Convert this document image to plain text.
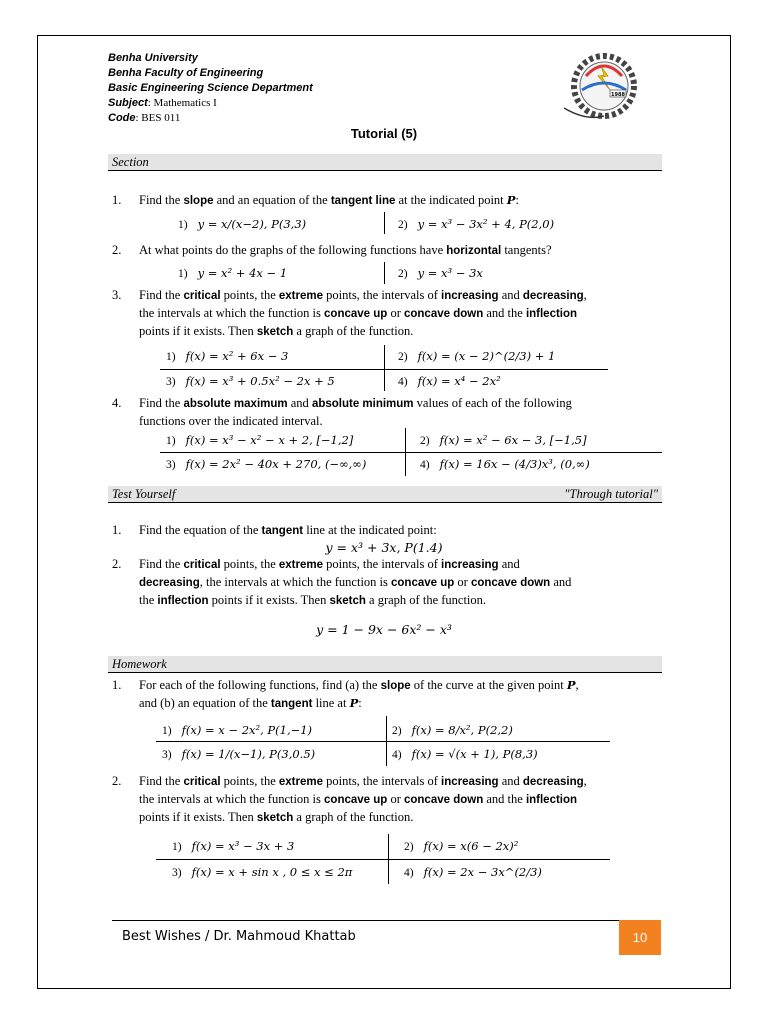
Benha University
Benha Faculty of Engineering
Basic Engineering Science Department
Subject: Mathematics I
Code: BES 011
1988
Tutorial (5)
Section
1. Find the slope and an equation of the tangent line at the indicated point P:
1) y = x/(x−2), P(3,3)	2) y = x³ − 3x² + 4, P(2,0)
2. At what points do the graphs of the following functions have horizontal tangents?
1) y = x² + 4x − 1	2) y = x³ − 3x
3. Find the critical points, the extreme points, the intervals of increasing and decreasing,
the intervals at which the function is concave up or concave down and the inflection
points if it exists. Then sketch a graph of the function.
1) f(x) = x² + 6x − 3	2) f(x) = (x − 2)^(2/3) + 1
3) f(x) = x³ + 0.5x² − 2x + 5	4) f(x) = x⁴ − 2x²
4. Find the absolute maximum and absolute minimum values of each of the following
functions over the indicated interval.
1) f(x) = x³ − x² − x + 2, [−1,2]	2) f(x) = x² − 6x − 3, [−1,5]
3) f(x) = 2x² − 40x + 270, (−∞,∞)	4) f(x) = 16x − (4/3)x³, (0,∞)
Test Yourself	"Through tutorial"
1. Find the equation of the tangent line at the indicated point:
y = x³ + 3x, P(1.4)
2. Find the critical points, the extreme points, the intervals of increasing and
decreasing, the intervals at which the function is concave up or concave down and
the inflection points if it exists. Then sketch a graph of the function.
y = 1 − 9x − 6x² − x³
Homework
1. For each of the following functions, find (a) the slope of the curve at the given point P,
and (b) an equation of the tangent line at P:
1) f(x) = x − 2x², P(1,−1)	2) f(x) = 8/x², P(2,2)
3) f(x) = 1/(x−1), P(3,0.5)	4) f(x) = √(x + 1), P(8,3)
2. Find the critical points, the extreme points, the intervals of increasing and decreasing,
the intervals at which the function is concave up or concave down and the inflection
points if it exists. Then sketch a graph of the function.
1) f(x) = x³ − 3x + 3	2) f(x) = x(6 − 2x)²
3) f(x) = x + sin x , 0 ≤ x ≤ 2π	4) f(x) = 2x − 3x^(2/3)
Best Wishes / Dr. Mahmoud Khattab	10
